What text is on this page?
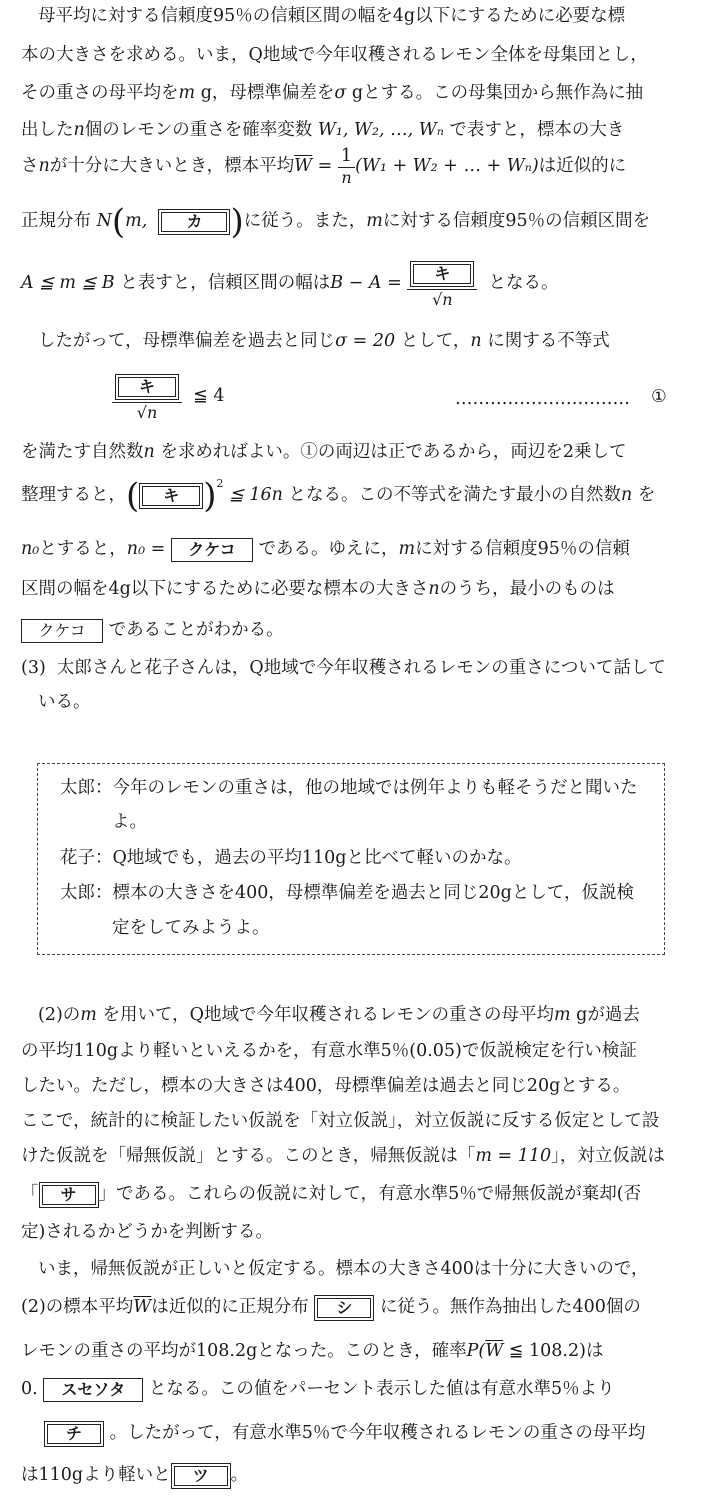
母平均に対する信頼度95％の信頼区間の幅を4g以下にするために必要な標
本の大きさを求める。いま，Q地域で今年収穫されるレモン全体を母集団とし，
その重さの母平均をm g，母標準偏差をσ gとする。この母集団から無作為に抽
出したn個のレモンの重さを確率変数 W₁, W₂, …, Wₙ で表すと，標本の大き
さ n が十分に大きいとき，標本平均 $\overline{W}$
=
$\frac{1}{n} (W_1 + W_2$ + … + Wₙ) は近似的に
正規分布
N ( m,
	カ ) に従う。また， m に対する信頼度95％の信頼区間を
A ≦ m ≦ B
と表すと，信頼区間の幅は B − A =
$\frac{\text{キ}}{√n}$
となる。
したがって，母標準偏差を過去と同じσ = 20 として，n に関する不等式
$\frac{\text{キ}}{√n}$
≦ 4	………………………… ①
を満たす自然数n を求めればよい。①の両辺は正であるから，両辺を2乗して
整理すると， (	キ )$^2$

≦ 16n
となる。この不等式を満たす最小の自然数 n
を
n₀ とすると， n₀ =
	クケコ
	である。ゆえに， m に対する信頼度95％の信頼
区間の幅を4g以下にするために必要な標本の大きさnのうち，最小のものは
クケコ
	であることがわかる。
(3) 太郎さんと花子さんは，Q地域で今年収穫されるレモンの重さについて話して
いる。
太郎：今年のレモンの重さは，他の地域では例年よりも軽そうだと聞いた
よ。
花子：Q地域でも，過去の平均110gと比べて軽いのかな。
太郎：標本の大きさを400，母標準偏差を過去と同じ20gとして，仮説検
定をしてみようよ。
(2)のm を用いて，Q地域で今年収穫されるレモンの重さの母平均m gが過去
の平均110gより軽いといえるかを，有意水準5％(0.05)で仮説検定を行い検証
したい。ただし，標本の大きさは400，母標準偏差は過去と同じ20gとする。
ここで，統計的に検証したい仮説を「対立仮説」，対立仮説に反する仮定として設
けた仮説を「帰無仮説」とする。このとき，帰無仮説は「m = 110」，対立仮説は
「	サ	」である。これらの仮説に対して，有意水準5％で帰無仮説が棄却(否
定)されるかどうかを判断する。
いま，帰無仮説が正しいと仮定する。標本の大きさ400は十分に大きいので，
(2)の標本平均 $\overline{W}$ は近似的に正規分布
	シ
	に従う。無作為抽出した400個の
レモンの重さの平均が108.2gとなった。このとき，確率$P(\overline{W}$ ≦ 108.2)は
0.
	スセソタ
	となる。この値をパーセント表示した値は有意水準5％より
チ
	。したがって，有意水準5％で今年収穫されるレモンの重さの母平均
は110gより軽いと	ツ	。
